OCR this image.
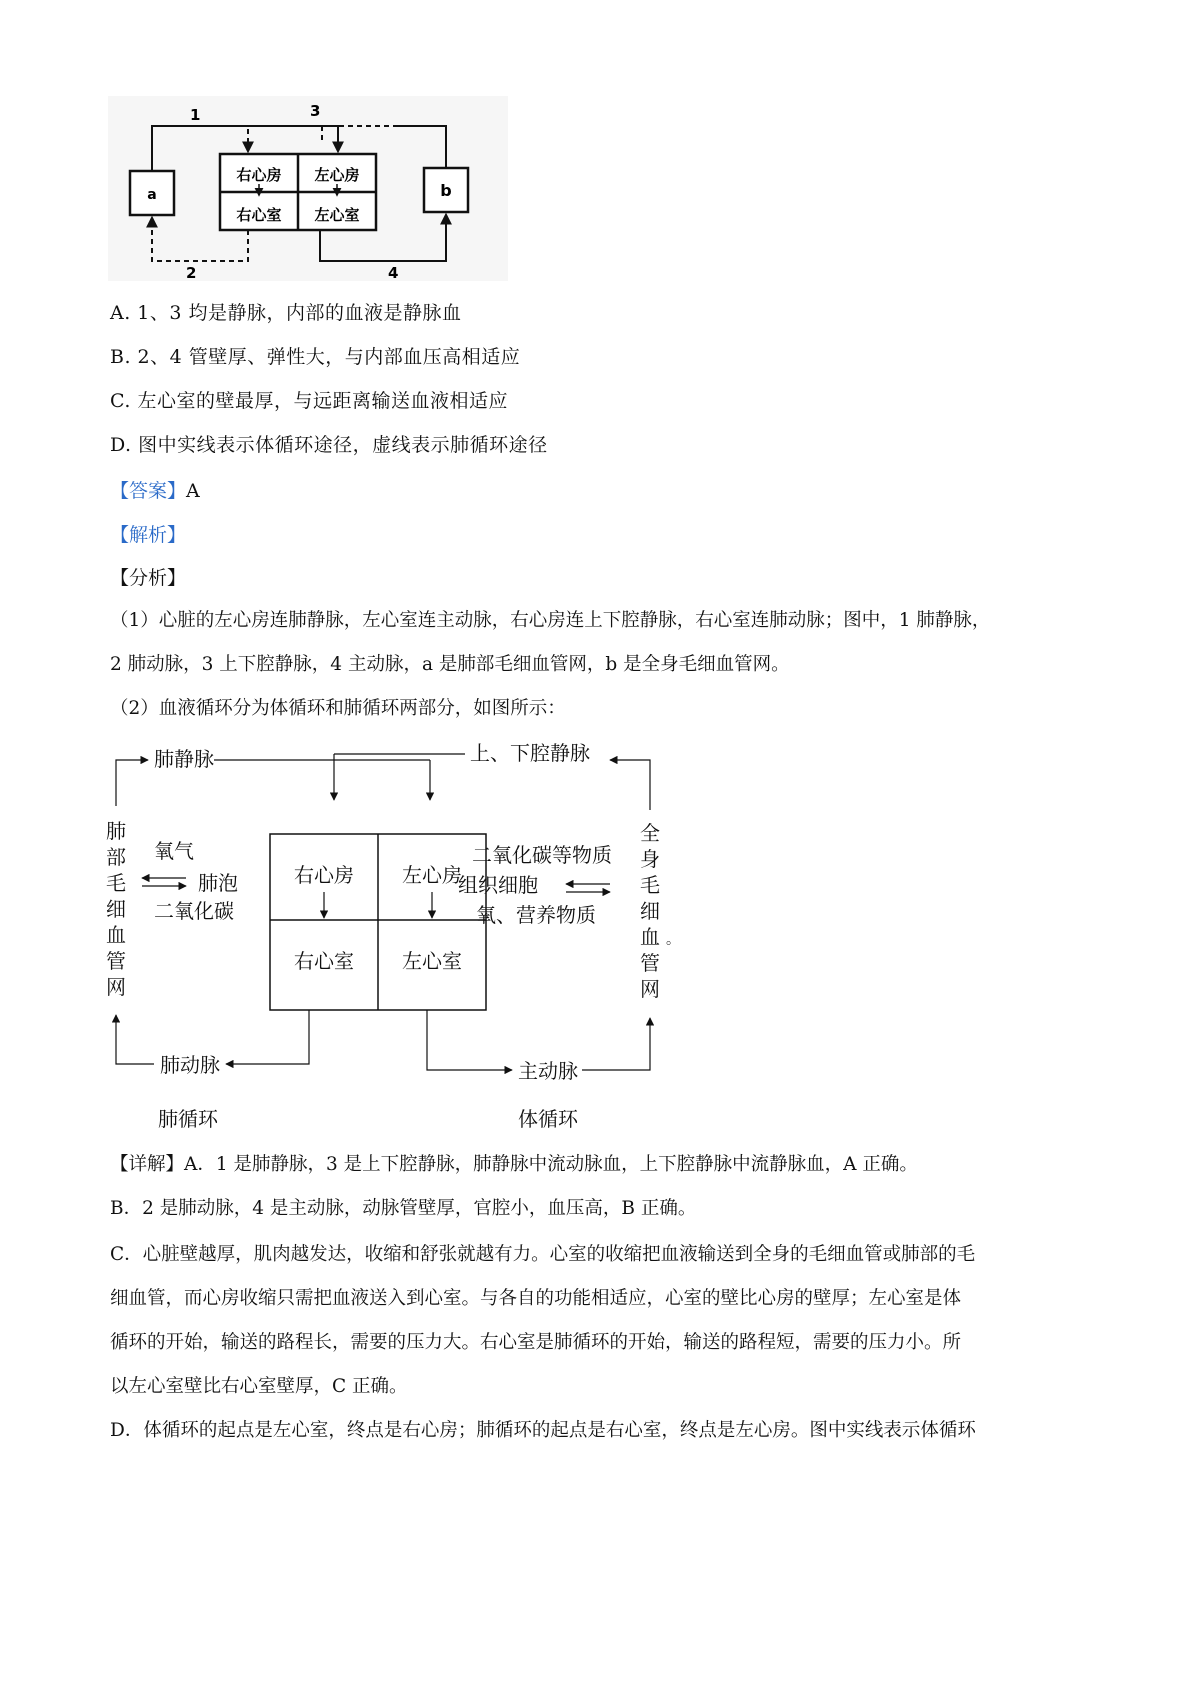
a	b
右心房 左心房
右心室 左心室
1	3
2	4
A. 1、3 均是静脉，内部的血液是静脉血
B. 2、4 管壁厚、弹性大，与内部血压高相适应
C. 左心室的壁最厚，与远距离输送血液相适应
D. 图中实线表示体循环途径，虚线表示肺循环途径
【答案】A
【解析】
【分析】
（1）心脏的左心房连肺静脉，左心室连主动脉，右心房连上下腔静脉，右心室连肺动脉；图中，1 肺静脉，
2 肺动脉，3 上下腔静脉，4 主动脉，a 是肺部毛细血管网，b 是全身毛细血管网。
（2）血液循环分为体循环和肺循环两部分，如图所示：
右心房 左心房
右心室 左心室
上、下腔静脉
肺静脉
肺
部
毛
细
血
管
网
全
身
毛
细
血
管
网
。
氧气
肺泡
二氧化碳
二氧化碳等物质
组织细胞
氧、营养物质
肺动脉	主动脉
肺循环	体循环
【详解】A．1 是肺静脉，3 是上下腔静脉，肺静脉中流动脉血，上下腔静脉中流静脉血，A 正确。
B．2 是肺动脉，4 是主动脉，动脉管壁厚，官腔小，血压高，B 正确。
C．心脏壁越厚，肌肉越发达，收缩和舒张就越有力。心室的收缩把血液输送到全身的毛细血管或肺部的毛
细血管，而心房收缩只需把血液送入到心室。与各自的功能相适应，心室的壁比心房的壁厚；左心室是体
循环的开始，输送的路程长，需要的压力大。右心室是肺循环的开始，输送的路程短，需要的压力小。所
以左心室壁比右心室壁厚，C 正确。
D．体循环的起点是左心室，终点是右心房；肺循环的起点是右心室，终点是左心房。图中实线表示体循环
